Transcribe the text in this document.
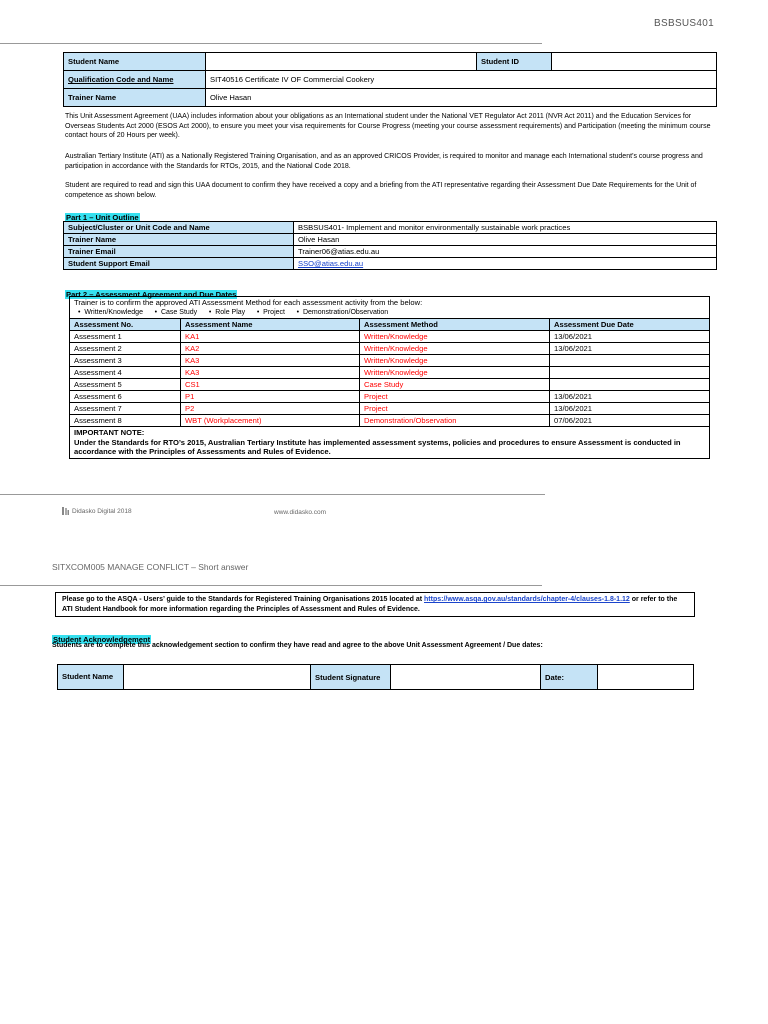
BSBSUS401
Student Name		Student ID	
Qualification Code and Name	SIT40516 Certificate IV OF Commercial Cookery		
Trainer Name	Olive Hasan		

This Unit Assessment Agreement (UAA) includes information about your obligations as an International student under the National VET Regulator Act 2011 (NVR Act 2011) and the Education Services for Overseas Students Act 2000 (ESOS Act 2000), to ensure you meet your visa requirements for Course Progress (meeting your course assessment requirements) and Participation (meeting the minimum course contact hours of 20 Hours per week).

Australian Tertiary Institute (ATI) as a Nationally Registered Training Organisation, and as an approved CRICOS Provider, is required to monitor and manage each International student’s course progress and participation in accordance with the Standards for RTOs, 2015, and the National Code 2018.

Student are required to read and sign this UAA document to confirm they have received a copy and a briefing from the ATI representative regarding their Assessment Due Date Requirements for the Unit of competence as shown below.

Part 1 – Unit Outline
Subject/Cluster or Unit Code and Name	BSBSUS401- Implement and monitor environmentally sustainable work practices
Trainer Name	Olive Hasan
Trainer Email	Trainer06@atias.edu.au
Student Support Email	SSO@atias.edu.au
Part 2 – Assessment Agreement and Due Dates
Trainer is to confirm the approved ATI Assessment Method for each assessment activity from the below:
• Written/Knowledge • Case Study • Role Play • Project • Demonstration/Observation			

Assessment No.	Assessment Name	Assessment Method	Assessment Due Date
Assessment 1	KA1	Written/Knowledge	13/06/2021
Assessment 2	KA2	Written/Knowledge	13/06/2021
Assessment 3	KA3	Written/Knowledge	
Assessment 4	KA3	Written/Knowledge	
Assessment 5	CS1	Case Study	
Assessment 6	P1	Project	13/06/2021
Assessment 7	P2	Project	13/06/2021
Assessment 8	WBT (Workplacement)	Demonstration/Observation	07/06/2021

IMPORTANT NOTE:
Under the Standards for RTO’s 2015, Australian Tertiary Institute has implemented assessment systems, policies and procedures to ensure Assessment is conducted in accordance with the Principles of Assessments and Rules of Evidence.			
Didasko Digital 2018	www.didasko.com
SITXCOM005 MANAGE CONFLICT – Short answer
Please go to the ASQA - Users’ guide to the Standards for Registered Training Organisations 2015 located at https://www.asqa.gov.au/standards/chapter-4/clauses-1.8-1.12 or refer to the ATI Student Handbook for more information regarding the Principles of Assessment and Rules of Evidence.
Student Acknowledgement
Students are to complete this acknowledgement section to confirm they have read and agree to the above Unit Assessment Agreement / Due dates:
Student Name		Student Signature		Date:	
